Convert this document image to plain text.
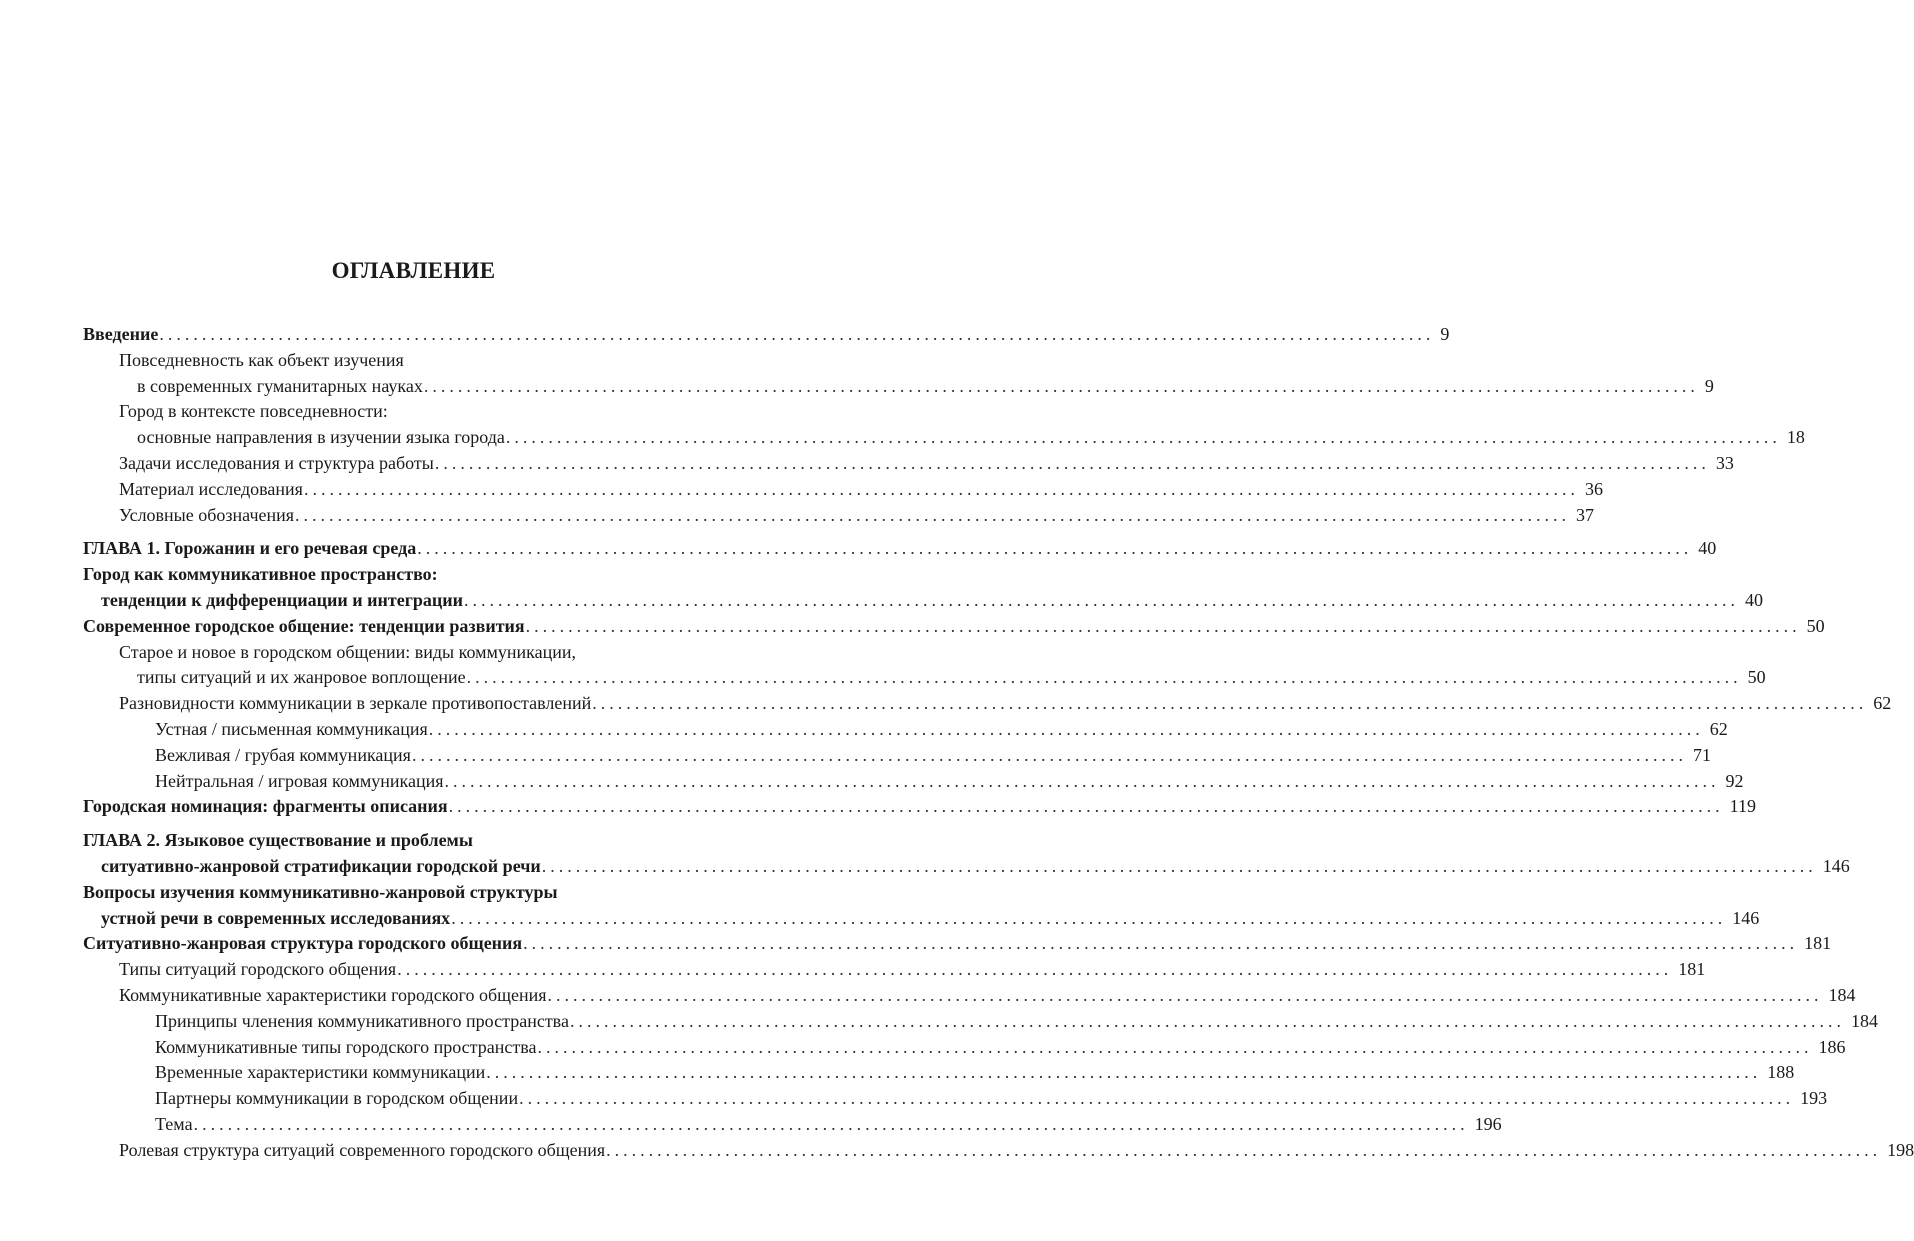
ОГЛАВЛЕНИЕ
Введение ...................................................................................................................................................... 9
Повседневность как объект изучения
в современных гуманитарных науках ...................................................................................................................................................... 9
Город в контексте повседневности:
основные направления в изучении языка города ...................................................................................................................................................... 18
Задачи исследования и структура работы ...................................................................................................................................................... 33
Материал исследования ...................................................................................................................................................... 36
Условные обозначения ...................................................................................................................................................... 37
ГЛАВА 1. Горожанин и его речевая среда ...................................................................................................................................................... 40
Город как коммуникативное пространство:
тенденции к дифференциации и интеграции ...................................................................................................................................................... 40
Современное городское общение: тенденции развития ...................................................................................................................................................... 50
Старое и новое в городском общении: виды коммуникации,
типы ситуаций и их жанровое воплощение ...................................................................................................................................................... 50
Разновидности коммуникации в зеркале противопоставлений ...................................................................................................................................................... 62
Устная / письменная коммуникация ...................................................................................................................................................... 62
Вежливая / грубая коммуникация ...................................................................................................................................................... 71
Нейтральная / игровая коммуникация ...................................................................................................................................................... 92
Городская номинация: фрагменты описания ...................................................................................................................................................... 119
ГЛАВА 2. Языковое существование и проблемы
ситуативно-жанровой стратификации городской речи ...................................................................................................................................................... 146
Вопросы изучения коммуникативно-жанровой структуры
устной речи в современных исследованиях ...................................................................................................................................................... 146
Ситуативно-жанровая структура городского общения ...................................................................................................................................................... 181
Типы ситуаций городского общения ...................................................................................................................................................... 181
Коммуникативные характеристики городского общения ...................................................................................................................................................... 184
Принципы членения коммуникативного пространства ...................................................................................................................................................... 184
Коммуникативные типы городского пространства ...................................................................................................................................................... 186
Временные характеристики коммуникации ...................................................................................................................................................... 188
Партнеры коммуникации в городском общении ...................................................................................................................................................... 193
Тема ...................................................................................................................................................... 196
Ролевая структура ситуаций современного городского общения ...................................................................................................................................................... 198
